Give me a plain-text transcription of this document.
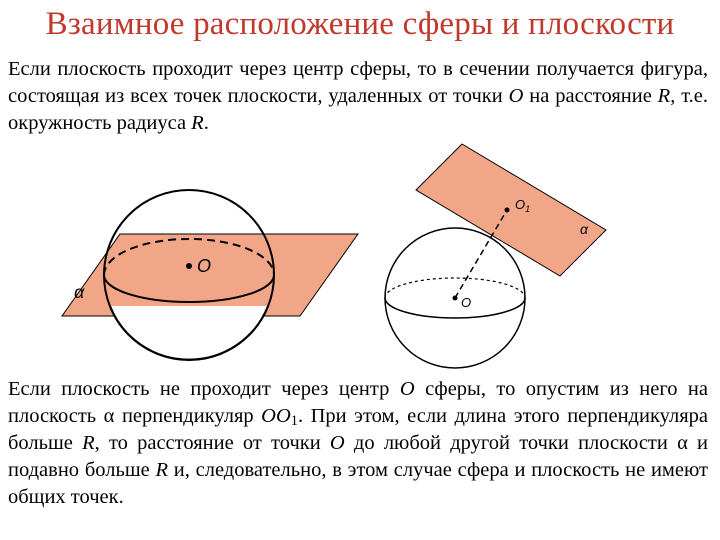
Взаимное расположение сферы и плоскости
Если плоскость проходит через центр сферы, то в сечении получается фигура, состоящая из всех точек плоскости, удаленных от точки O на расстояние R, т.е. окружность радиуса R.
O
α
O
$O_1$
α
Если плоскость не проходит через центр O сферы, то опустим из него на плоскость α перпендикуляр $OO_1$. При этом, если длина этого перпендикуляра больше R, то расстояние от точки O до любой другой точки плоскости α и подавно больше R и, следовательно, в этом случае сфера и плоскость не имеют общих точек.
